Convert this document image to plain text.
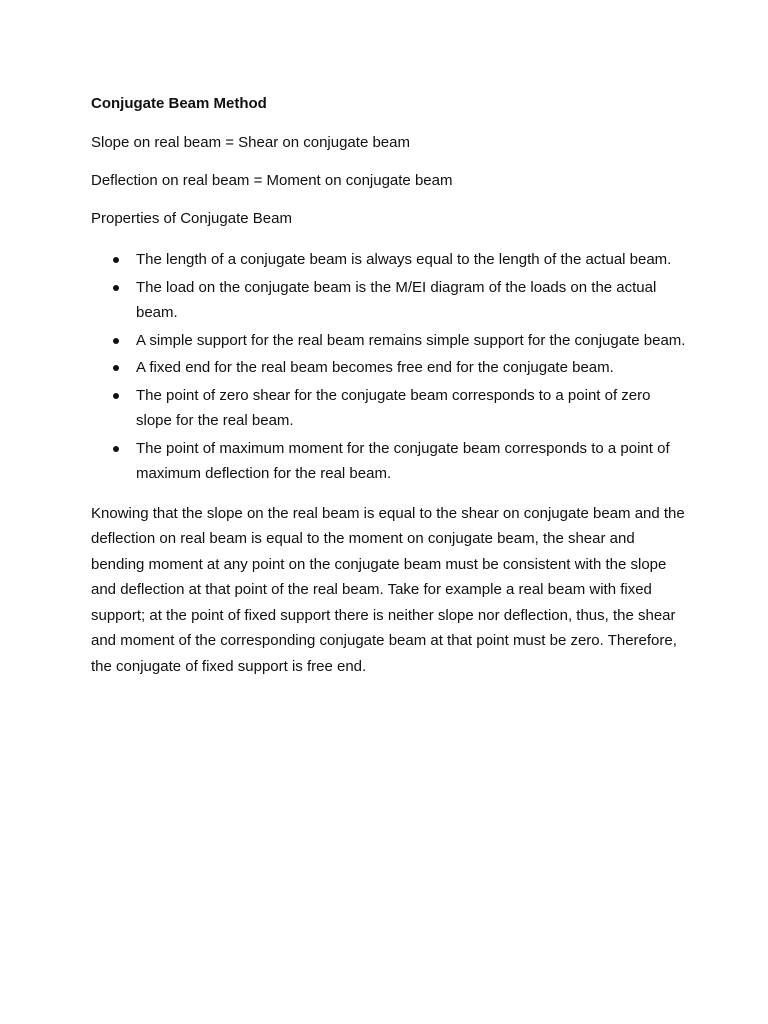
Conjugate Beam Method
Slope on real beam = Shear on conjugate beam
Deflection on real beam = Moment on conjugate beam
Properties of Conjugate Beam
The length of a conjugate beam is always equal to the length of the actual beam.
The load on the conjugate beam is the M/EI diagram of the loads on the actual beam.
A simple support for the real beam remains simple support for the conjugate beam.
A fixed end for the real beam becomes free end for the conjugate beam.
The point of zero shear for the conjugate beam corresponds to a point of zero slope for the real beam.
The point of maximum moment for the conjugate beam corresponds to a point of maximum deflection for the real beam.

Knowing that the slope on the real beam is equal to the shear on conjugate beam and the deflection on real beam is equal to the moment on conjugate beam, the shear and bending moment at any point on the conjugate beam must be consistent with the slope and deflection at that point of the real beam. Take for example a real beam with fixed support; at the point of fixed support there is neither slope nor deflection, thus, the shear and moment of the corresponding conjugate beam at that point must be zero. Therefore, the conjugate of fixed support is free end.
